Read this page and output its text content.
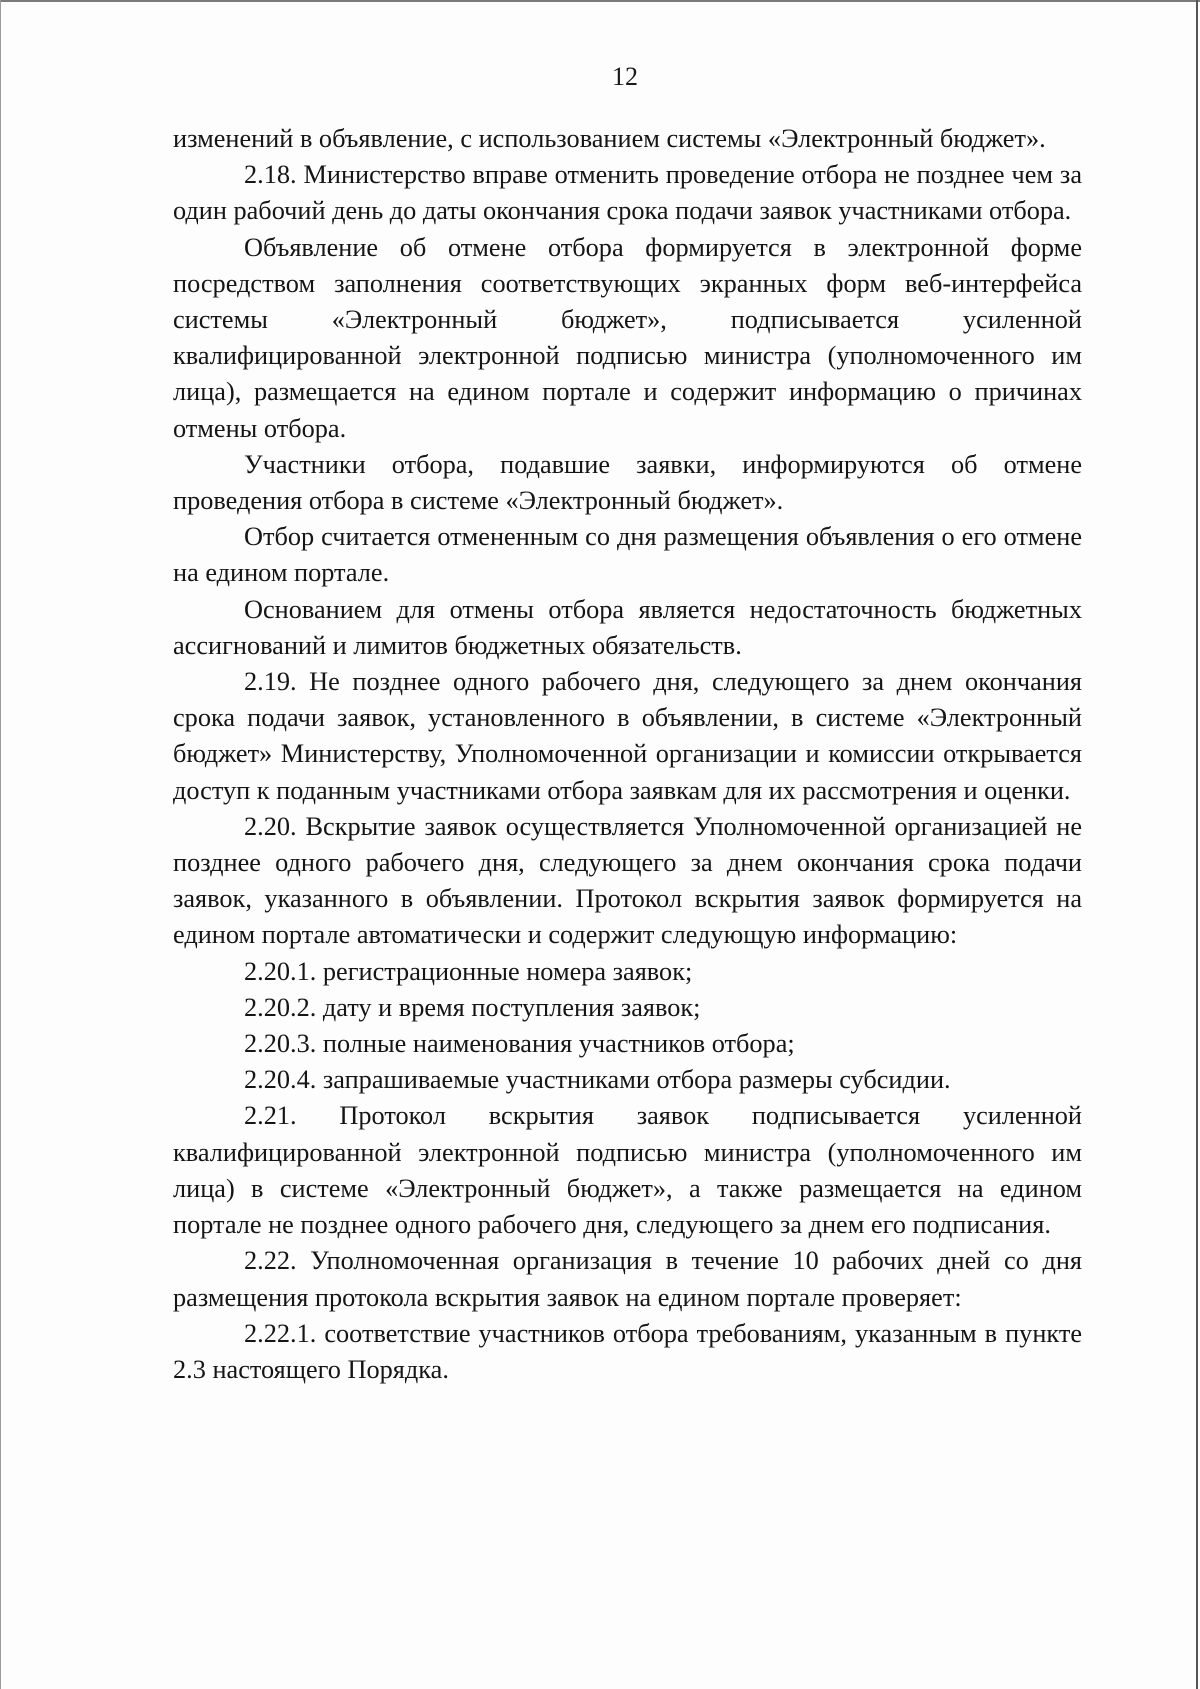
12

изменений в объявление, с использованием системы «Электронный бюджет».

2.18. Министерство вправе отменить проведение отбора не позднее чем за один рабочий день до даты окончания срока подачи заявок участниками отбора.

Объявление об отмене отбора формируется в электронной форме посредством заполнения соответствующих экранных форм веб-интерфейса системы «Электронный бюджет», подписывается усиленной квалифицированной электронной подписью министра (уполномоченного им лица), размещается на едином портале и содержит информацию о причинах отмены отбора.

Участники отбора, подавшие заявки, информируются об отмене проведения отбора в системе «Электронный бюджет».

Отбор считается отмененным со дня размещения объявления о его отмене на едином портале.

Основанием для отмены отбора является недостаточность бюджетных ассигнований и лимитов бюджетных обязательств.

2.19. Не позднее одного рабочего дня, следующего за днем окончания срока подачи заявок, установленного в объявлении, в системе «Электронный бюджет» Министерству, Уполномоченной организации и комиссии открывается доступ к поданным участниками отбора заявкам для их рассмотрения и оценки.

2.20. Вскрытие заявок осуществляется Уполномоченной организацией не позднее одного рабочего дня, следующего за днем окончания срока подачи заявок, указанного в объявлении. Протокол вскрытия заявок формируется на едином портале автоматически и содержит следующую информацию:

2.20.1. регистрационные номера заявок;

2.20.2. дату и время поступления заявок;

2.20.3. полные наименования участников отбора;

2.20.4. запрашиваемые участниками отбора размеры субсидии.

2.21. Протокол вскрытия заявок подписывается усиленной квалифицированной электронной подписью министра (уполномоченного им лица) в системе «Электронный бюджет», а также размещается на едином портале не позднее одного рабочего дня, следующего за днем его подписания.

2.22. Уполномоченная организация в течение 10 рабочих дней со дня размещения протокола вскрытия заявок на едином портале проверяет:

2.22.1. соответствие участников отбора требованиям, указанным в пункте 2.3 настоящего Порядка.
